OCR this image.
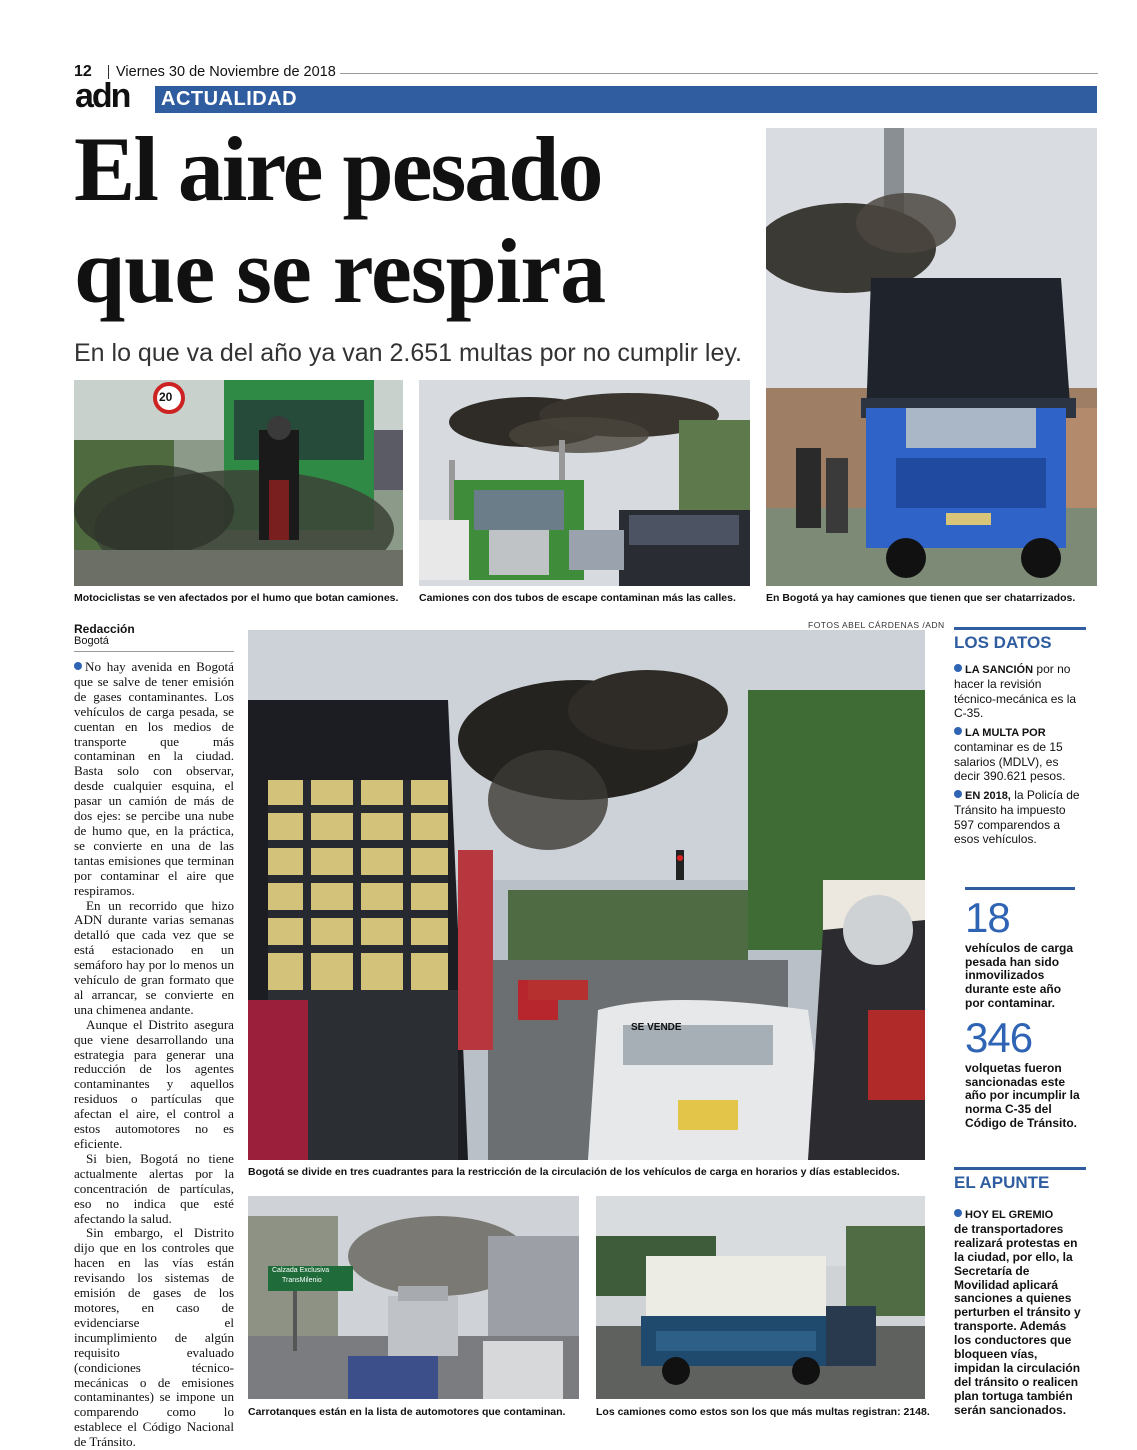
12 Viernes 30 de Noviembre de 2018
adn ACTUALIDAD
El aire pesado
que se respira
En lo que va del año ya van 2.651 multas por no cumplir ley.
20
Motociclistas se ven afectados por el humo que botan camiones. Camiones con dos tubos de escape contaminan más las calles.	En Bogotá ya hay camiones que tienen que ser chatarrizados.
Redacción
Bogotá

No hay avenida en Bogotá que se salve de tener emisión de gases contaminantes. Los vehículos de carga pesada, se cuentan en los medios de transporte que más contaminan en la ciudad. Basta solo con observar, desde cualquier esquina, el pasar un camión de más de dos ejes: se percibe una nube de humo que, en la práctica, se convierte en una de las tantas emisiones que terminan por contaminar el aire que respiramos.

En un recorrido que hizo ADN durante varias semanas detalló que cada vez que se está estacionado en un semáforo hay por lo menos un vehículo de gran formato que al arrancar, se convierte en una chimenea andante.

Aunque el Distrito asegura que viene desarrollando una estrategia para generar una reducción de los agentes contaminantes y aquellos residuos o partículas que afectan el aire, el control a estos automotores no es eficiente.

Si bien, Bogotá no tiene actualmente alertas por la concentración de partículas, eso no indica que esté afectando la salud.

Sin embargo, el Distrito dijo que en los controles que hacen en las vías están revisando los sistemas de emisión de gases de los motores, en caso de evidenciarse el incumplimiento de algún requisito evaluado (condiciones técnico-mecánicas o de emisiones contaminantes) se impone un comparendo como lo establece el Código Nacional de Tránsito.

FOTOS ABEL CÁRDENAS /ADN
SE VENDE
Bogotá se divide en tres cuadrantes para la restricción de la circulación de los vehículos de carga en horarios y días establecidos.
Calzada Exclusiva
TransMilenio
Carrotanques están en la lista de automotores que contaminan.	Los camiones como estos son los que más multas registran: 2148.
LOS DATOS
LA SANCIÓN por no hacer la revisión técnico-mecánica es la C-35.
LA MULTA POR contaminar es de 15 salarios (MDLV), es decir 390.621 pesos.
EN 2018, la Policía de Tránsito ha impuesto 597 comparendos a esos vehículos.
18
vehículos de carga pesada han sido inmovilizados durante este año por contaminar.
346
volquetas fueron sancionadas este año por incumplir la norma C-35 del Código de Tránsito.
EL APUNTE
HOY EL GREMIO
de transportadores realizará protestas en la ciudad, por ello, la Secretaría de Movilidad aplicará sanciones a quienes perturben el tránsito y transporte. Además los conductores que bloqueen vías, impidan la circulación del tránsito o realicen plan tortuga también serán sancionados.
